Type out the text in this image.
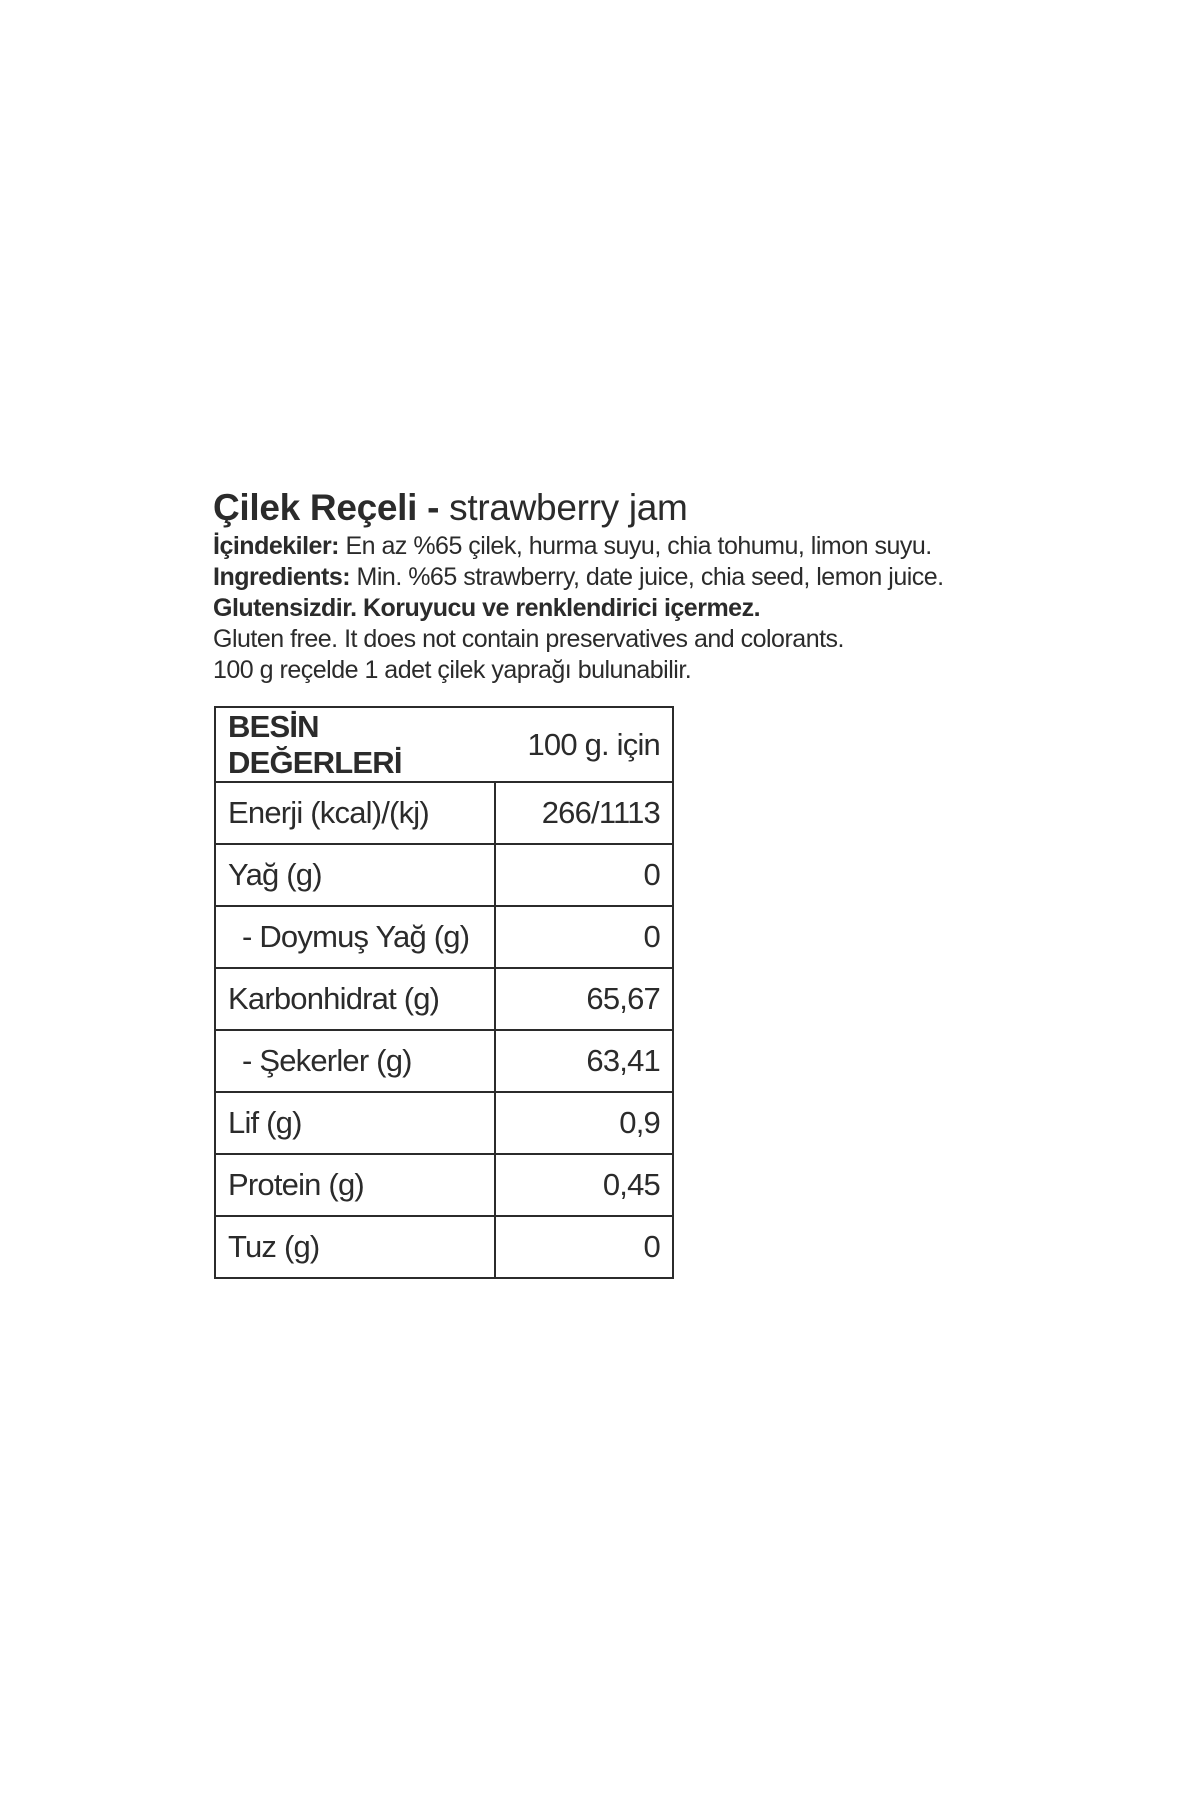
Çilek Reçeli - strawberry jam
İçindekiler: En az %65 çilek, hurma suyu, chia tohumu, limon suyu.
Ingredients: Min. %65 strawberry, date juice, chia seed, lemon juice.
Glutensizdir. Koruyucu ve renklendirici içermez.
Gluten free. It does not contain preservatives and colorants.
100 g reçelde 1 adet çilek yaprağı bulunabilir.
BESİN DEĞERLERİ	100 g. için
Enerji (kcal)/(kj)	266/1113
Yağ (g)	0
- Doymuş Yağ (g)	0
Karbonhidrat (g)	65,67
- Şekerler (g)	63,41
Lif (g)	0,9
Protein (g)	0,45
Tuz (g)	0
